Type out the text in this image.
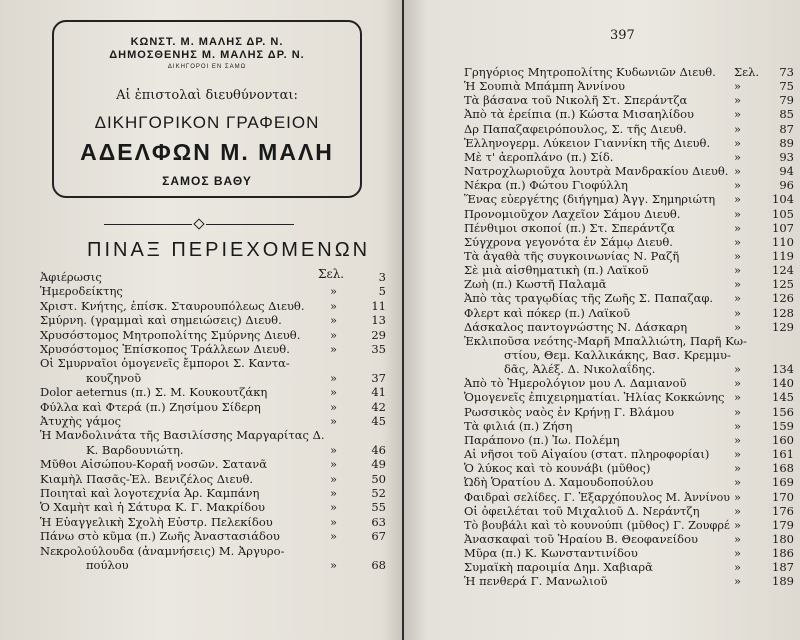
ΚΩΝΣΤ. Μ. ΜΑΛΗΣ ΔΡ. Ν.
ΔΗΜΟΣΘΕΝΗΣ Μ. ΜΑΛΗΣ ΔΡ. Ν.
ΔΙΚΗΓΟΡΟΙ ΕΝ ΣΑΜΩ
Αἱ ἐπιστολαὶ διευθύνονται:
ΔΙΚΗΓΟΡΙΚΟΝ ΓΡΑΦΕΙΟΝ
ΑΔΕΛΦΩΝ Μ. ΜΑΛΗ
ΣΑΜΟΣ ΒΑΘΥ
ΠΙΝΑΞ ΠΕΡΙΕΧΟΜΕΝΩΝ
Σελ.
Ἀφιέρωσις	3
Ἡμεροδείκτης	»	5
Χριστ. Κνήτης, ἐπίσκ. Σταυρουπόλεως Διευθ. »	11
Σμύρνη. (γραμμαὶ καὶ σημειώσεις) Διευθ.	»	13
Χρυσόστομος Μητροπολίτης Σμύρνης Διευθ.	»	29
Χρυσόστομος Ἐπίσκοπος Τράλλεων Διευθ.	»	35
Οἱ Σμυρναῖοι ὁμογενεῖς ἔμποροι Σ. Καντα-
κουζηνοῦ	»	37
Dolor aeternus (π.) Σ. Μ. Κουκουτζάκη	»	41
Φύλλα καὶ Φτερά (π.) Ζησίμου Σίδερη	»	42
Ἀτυχὴς γάμος	»	45
Ἡ Μανδολινάτα τῆς Βασιλίσσης Μαργαρίτας Δ.
Κ. Βαρδουνιώτη.	»	46
Μῦθοι Αἰσώπου-Κοραῆ νοσῶν. Σατανᾶ	»	49
Κιαμὴλ Πασᾶς-Ἐλ. Βενιζέλος Διευθ.	»	50
Ποιηταὶ καὶ λογοτεχνία Ἀρ. Καμπάνη	»	52
Ὁ Χαμὴτ καὶ ἡ Σάτυρα Κ. Γ. Μακρίδου	»	55
Ἡ Εὐαγγελικὴ Σχολὴ Εὐστρ. Πελεκίδου	»	63
Πάνω στὸ κῦμα (π.) Ζωῆς Ἀναστασιάδου	»	67
Νεκρολούλουδα (ἀναμνήσεις) Μ. Ἀργυρο-
πούλου	»	68
Γρηγόριος Μητροπολίτης Κυδωνιῶν Διευθ. Σελ.	73
Ἡ Σουπιὰ Μπάμπη Ἀννίνου	»	75
Τὰ βάσανα τοῦ Νικολῆ Στ. Σπεράντζα	»	79
Ἀπὸ τὰ ἐρείπια (π.) Κώστα Μισαηλίδου	»	85
Δρ Παπαζαφειρόπουλος, Σ. τῆς Διευθ.	»	87
Ἑλληνογερμ. Λύκειον Γιαννίκη τῆς Διευθ. »	89
Μὲ τ' ἀεροπλάνο (π.) Σίδ.	»	93
Νατροχλωριοῦχα λουτρὰ Μανδρακίου Διευθ. »	94
Νέκρα (π.) Φώτου Γιοφύλλη	»	96
Ἕνας εὐεργέτης (διήγημα) Ἀγγ. Σημηριώτη »	104
Προνομιοῦχον Λαχεῖον Σάμου Διευθ.	»	105
Πένθιμοι σκοποί (π.) Στ. Σπεράντζα	»	107
Σύγχρονα γεγονότα ἐν Σάμῳ Διευθ.	»	110
Τὰ ἀγαθὰ τῆς συγκοινωνίας Ν. Ραζῆ	»	119
Σὲ μιὰ αἰσθηματικὴ (π.) Λαϊκοῦ	»	124
Ζωὴ (π.) Κωστῆ Παλαμᾶ	»	125
Ἀπὸ τὰς τραγῳδίας τῆς Ζωῆς Σ. Παπαζαφ. »	126
Φλερτ καὶ πόκερ (π.) Λαϊκοῦ	»	128
Δάσκαλος παντογνώστης Ν. Δάσκαρη	»	129
Ἐκλιποῦσα νεότης-Μαρῆ Μπαλλιώτη, Παρῆ Κω-
στίου, Θεμ. Καλλικάκης, Βασ. Κρεμμυ-
δᾶς, Ἀλέξ. Δ. Νικολαΐδης.	»	134
Ἀπὸ τὸ Ἡμερολόγιον μου Λ. Δαμιανοῦ	»	140
Ὁμογενεῖς ἐπιχειρηματίαι. Ἠλίας Κοκκώνης »	145
Ρωσσικὸς ναὸς ἐν Κρήνῃ Γ. Βλάμου	»	156
Τὰ φιλιά (π.) Ζήση	»	159
Παράπονο (π.) Ἰω. Πολέμη	»	160
Αἱ νῆσοι τοῦ Αἰγαίου (στατ. πληροφορίαι) »	161
Ὁ λύκος καὶ τὸ κουνάβι (μῦθος)	»	168
Ὠδὴ Ὁρατίου Δ. Χαμουδοπούλου	»	169
Φαιδραὶ σελίδες. Γ. Ἐξαρχόπουλος Μ. Ἀννίνου »	170
Οἱ ὀφειλέται τοῦ Μιχαλιοῦ Δ. Νεράντζη	»	176
Τὸ βουβάλι καὶ τὸ κουνούπι (μῦθος) Γ. Ζουφρέ »	179
Ἀνασκαφαὶ τοῦ Ἡραίου Β. Θεοφανείδου	»	180
Μῦρα (π.) Κ. Κωνσταντινίδου	»	186
Συμαϊκὴ παροιμία Δημ. Χαβιαρᾶ	»	187
Ἡ πενθερά Γ. Μανωλιοῦ	»	189
397
